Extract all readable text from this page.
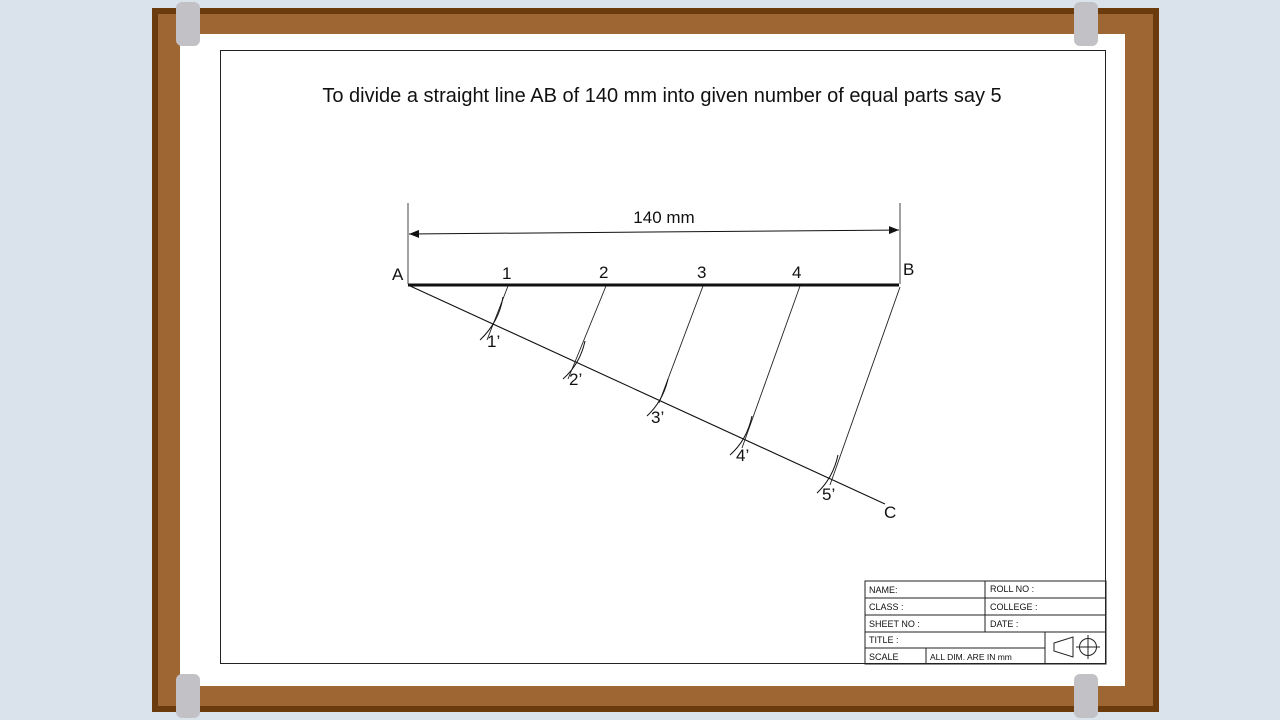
To divide a straight line AB of 140 mm into given number of equal parts say 5
140 mm
A	B
C
1	2	3	4
1’
2’
3’
4’
5’
NAME:	ROLL NO :
CLASS :	COLLEGE :
SHEET NO :	DATE :
TITLE :
SCALE	ALL DIM. ARE IN mm
